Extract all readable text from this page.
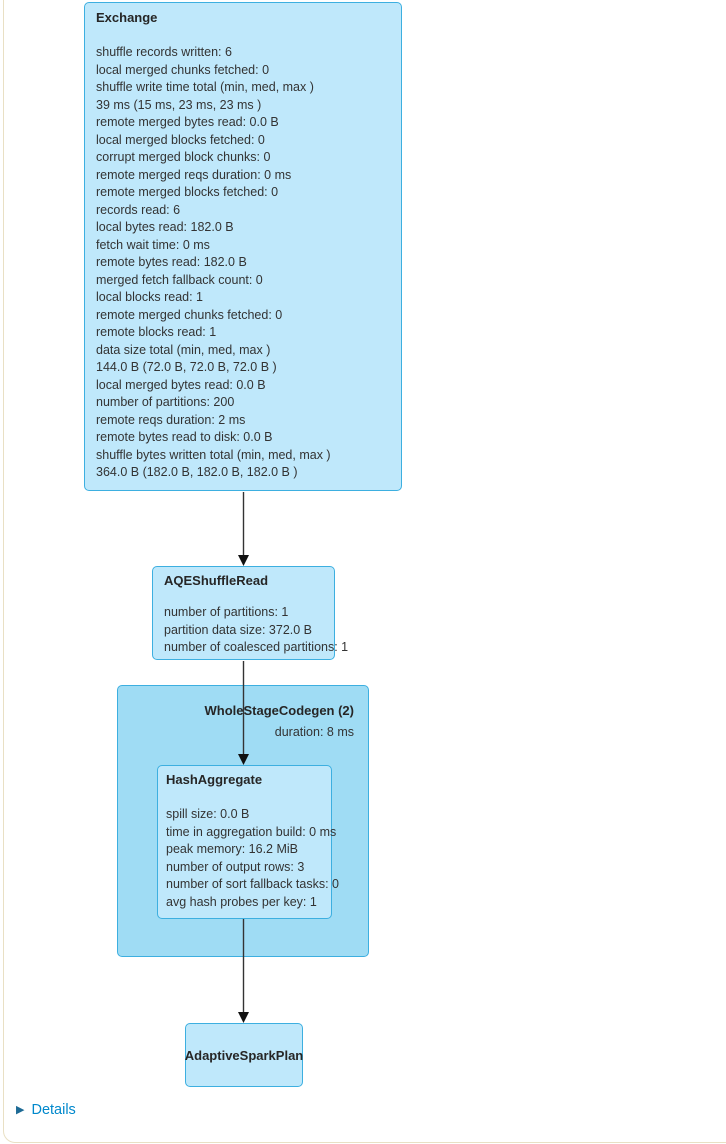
WholeStageCodegen (2)
duration: 8 ms
Exchange
shuffle records written: 6
local merged chunks fetched: 0
shuffle write time total (min, med, max )
39 ms (15 ms, 23 ms, 23 ms )
remote merged bytes read: 0.0 B
local merged blocks fetched: 0
corrupt merged block chunks: 0
remote merged reqs duration: 0 ms
remote merged blocks fetched: 0
records read: 6
local bytes read: 182.0 B
fetch wait time: 0 ms
remote bytes read: 182.0 B
merged fetch fallback count: 0
local blocks read: 1
remote merged chunks fetched: 0
remote blocks read: 1
data size total (min, med, max )
144.0 B (72.0 B, 72.0 B, 72.0 B )
local merged bytes read: 0.0 B
number of partitions: 200
remote reqs duration: 2 ms
remote bytes read to disk: 0.0 B
shuffle bytes written total (min, med, max )
364.0 B (182.0 B, 182.0 B, 182.0 B )
AQEShuffleRead
number of partitions: 1
partition data size: 372.0 B
number of coalesced partitions: 1
HashAggregate
spill size: 0.0 B
time in aggregation build: 0 ms
peak memory: 16.2 MiB
number of output rows: 3
number of sort fallback tasks: 0
avg hash probes per key: 1
AdaptiveSparkPlan
▶ Details
